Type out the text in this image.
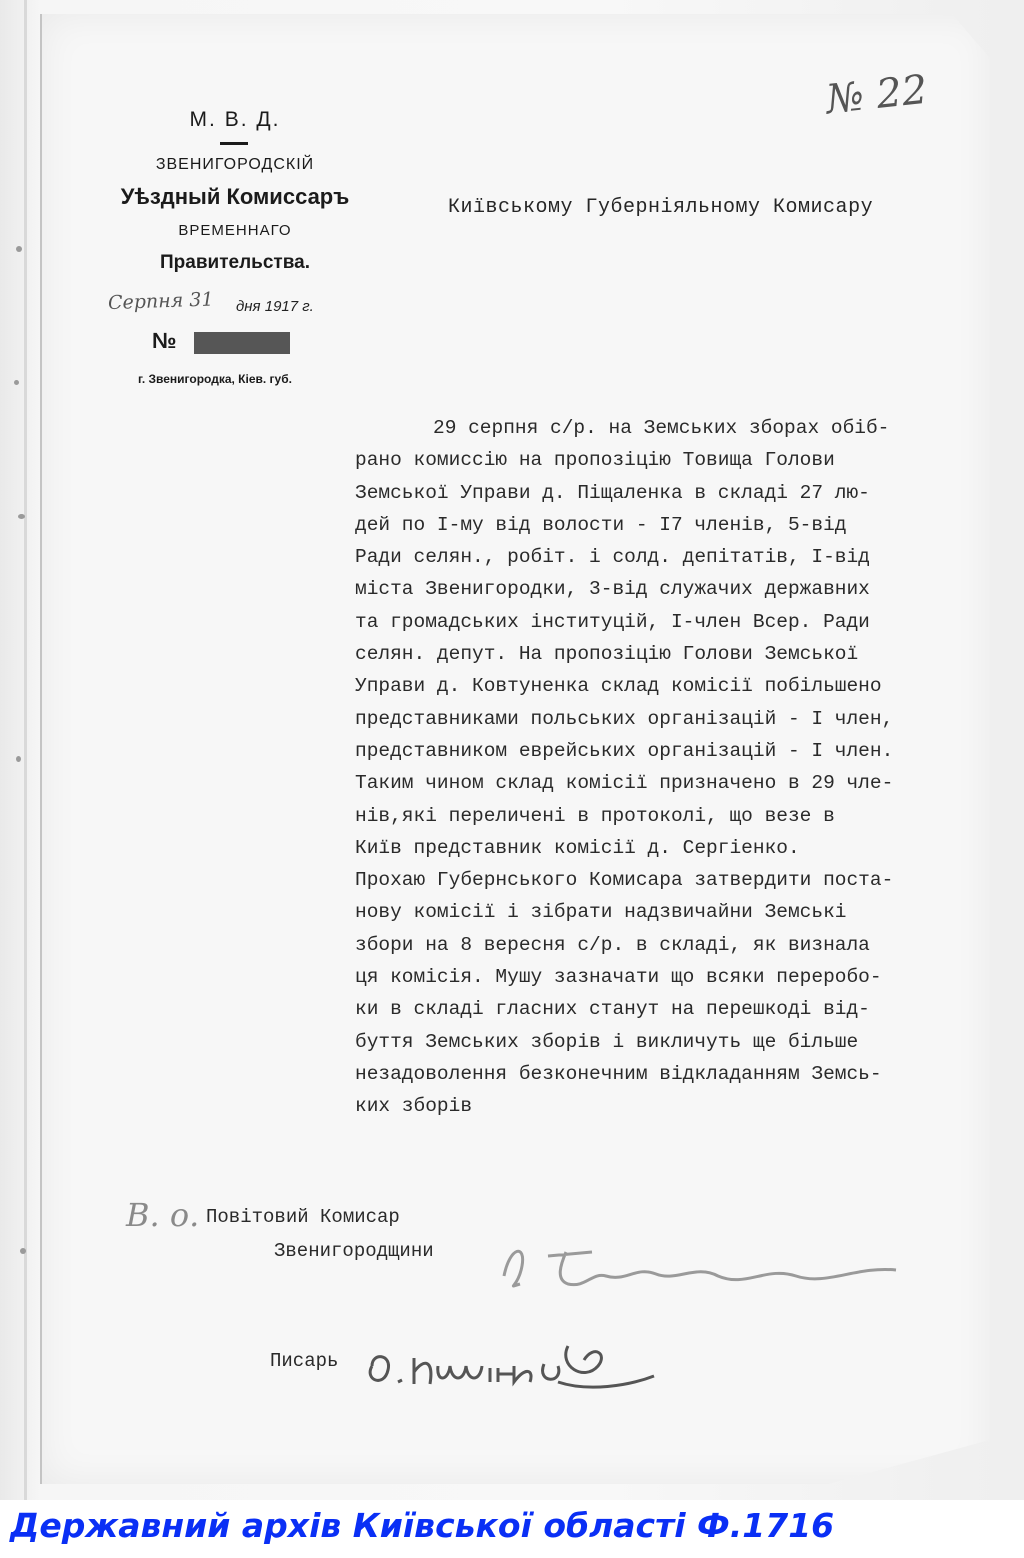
М. В. Д.
ЗВЕНИГОРОДСКІЙ
Уѣздный Комиссаръ
ВРЕМЕННАГО
Правительства.
Серпня 31	дня 1917 г.
№
г. Звенигородка, Кіев. губ.
№ 22
Київському Губерніяльному Комисару
29 серпня с/р. на Земських зборах обіб-
рано комиссію на пропозіцію Товища Голови
Земської Управи д. Піщаленка в складі 27 лю-
дей по І-му від волости - І7 членів, 5-від
Ради селян., робіт. і солд. депітатів, І-від
міста Звенигородки, 3-від служачих державних
та громадських інституцій, І-член Всер. Ради
селян. депут. На пропозіцію Голови Земської
Управи д. Ковтуненка склад комісії побільшено
представниками польських організацій - І член,
представником еврейських організацій - І член.
Таким чином склад комісії призначено в 29 чле-
нів,які переличені в протоколі, що везе в
Київ представник комісії д. Сергіенко.
Прохаю Губернського Комисара затвердити поста-
нову комісії і зібрати надзвичайни Земські
збори на 8 вересня с/р. в складі, як визнала
ця комісія. Мушу зазначати що всяки переробо-
ки в складі гласних станут на перешкоді від-
буття Земських зборів і викличуть ще більше
незадоволення безконечним відкладанням Земсь-
ких зборів
В. о. Повітовий Комисар
Звенигородщини
Писарь
Державний архів Київської області Ф.1716
